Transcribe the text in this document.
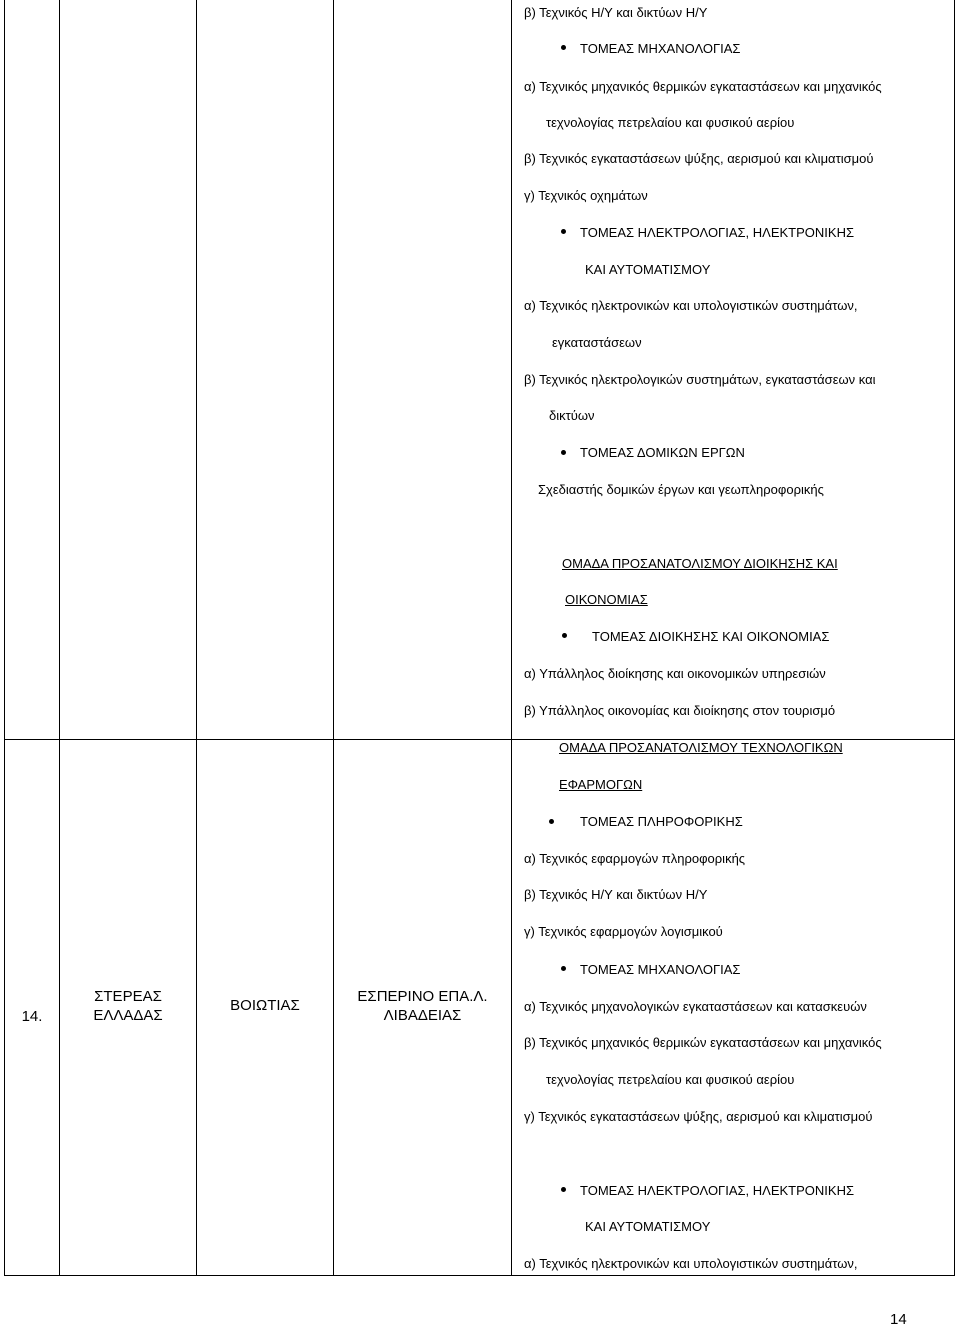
14.
ΣΤΕΡΕΑΣ
ΕΛΛΑΔΑΣ
ΒΟΙΩΤΙΑΣ
ΕΣΠΕΡΙΝΟ ΕΠΑ.Λ.
ΛΙΒΑΔΕΙΑΣ
β) Τεχνικός Η/Υ και δικτύων Η/Υ
ΤΟΜΕΑΣ ΜΗΧΑΝΟΛΟΓΙΑΣ
α) Τεχνικός μηχανικός θερμικών εγκαταστάσεων και μηχανικός
τεχνολογίας πετρελαίου και φυσικού αερίου
β) Τεχνικός εγκαταστάσεων ψύξης, αερισμού και κλιματισμού
γ) Τεχνικός οχημάτων
ΤΟΜΕΑΣ ΗΛΕΚΤΡΟΛΟΓΙΑΣ, ΗΛΕΚΤΡΟΝΙΚΗΣ
ΚΑΙ ΑΥΤΟΜΑΤΙΣΜΟΥ
α) Τεχνικός ηλεκτρονικών και υπολογιστικών συστημάτων,
εγκαταστάσεων
β) Τεχνικός ηλεκτρολογικών συστημάτων, εγκαταστάσεων και
δικτύων
ΤΟΜΕΑΣ ΔΟΜΙΚΩΝ ΕΡΓΩΝ
Σχεδιαστής δομικών έργων και γεωπληροφορικής
ΟΜΑΔΑ ΠΡΟΣΑΝΑΤΟΛΙΣΜΟΥ ΔΙΟΙΚΗΣΗΣ ΚΑΙ
ΟΙΚΟΝΟΜΙΑΣ
ΤΟΜΕΑΣ ΔΙΟΙΚΗΣΗΣ ΚΑΙ ΟΙΚΟΝΟΜΙΑΣ
α) Υπάλληλος διοίκησης και οικονομικών υπηρεσιών
β) Υπάλληλος οικονομίας και διοίκησης στον τουρισμό
ΟΜΑΔΑ ΠΡΟΣΑΝΑΤΟΛΙΣΜΟΥ ΤΕΧΝΟΛΟΓΙΚΩΝ
ΕΦΑΡΜΟΓΩΝ
ΤΟΜΕΑΣ ΠΛΗΡΟΦΟΡΙΚΗΣ
α) Τεχνικός εφαρμογών πληροφορικής
β) Τεχνικός Η/Υ και δικτύων Η/Υ
γ) Τεχνικός εφαρμογών λογισμικού
ΤΟΜΕΑΣ ΜΗΧΑΝΟΛΟΓΙΑΣ
α) Τεχνικός μηχανολογικών εγκαταστάσεων και κατασκευών
β) Τεχνικός μηχανικός θερμικών εγκαταστάσεων και μηχανικός
τεχνολογίας πετρελαίου και φυσικού αερίου
γ) Τεχνικός εγκαταστάσεων ψύξης, αερισμού και κλιματισμού
ΤΟΜΕΑΣ ΗΛΕΚΤΡΟΛΟΓΙΑΣ, ΗΛΕΚΤΡΟΝΙΚΗΣ
ΚΑΙ ΑΥΤΟΜΑΤΙΣΜΟΥ
α) Τεχνικός ηλεκτρονικών και υπολογιστικών συστημάτων,
14
